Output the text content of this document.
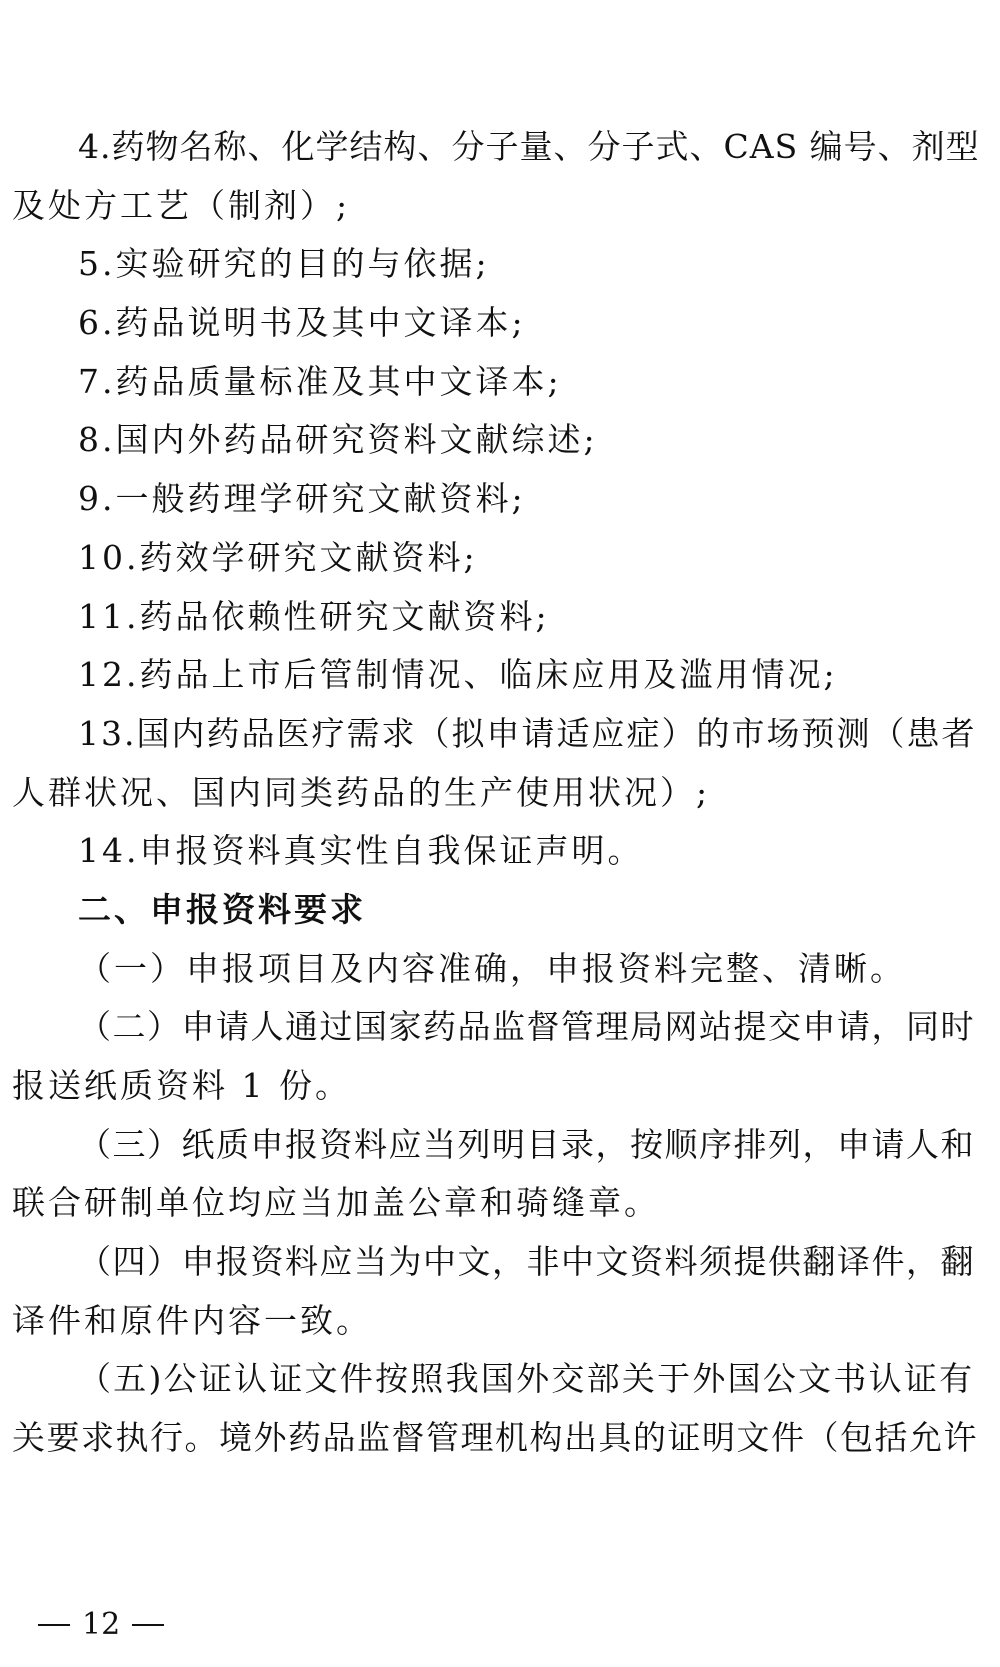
4.药物名称、化学结构、分子量、分子式、CAS 编号、剂型
及处方工艺（制剂）;
5.实验研究的目的与依据;
6.药品说明书及其中文译本;
7.药品质量标准及其中文译本;
8.国内外药品研究资料文献综述;
9.一般药理学研究文献资料;
10.药效学研究文献资料;
11.药品依赖性研究文献资料;
12.药品上市后管制情况、临床应用及滥用情况;
13.国内药品医疗需求（拟申请适应症）的市场预测（患者
人群状况、国内同类药品的生产使用状况）;
14.申报资料真实性自我保证声明。
二、申报资料要求
（一）申报项目及内容准确，申报资料完整、清晰。
（二）申请人通过国家药品监督管理局网站提交申请，同时
报送纸质资料 1 份。
（三）纸质申报资料应当列明目录，按顺序排列，申请人和
联合研制单位均应当加盖公章和骑缝章。
（四）申报资料应当为中文，非中文资料须提供翻译件，翻
译件和原件内容一致。
（五)公证认证文件按照我国外交部关于外国公文书认证有
关要求执行。境外药品监督管理机构出具的证明文件（包括允许
12
